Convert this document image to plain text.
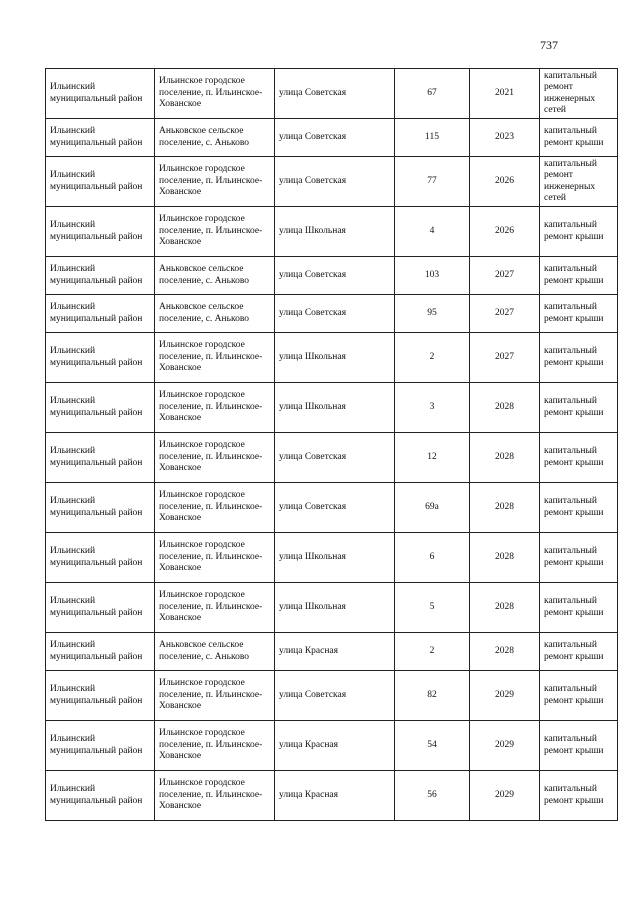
737
Ильинский муниципальный район	Ильинское городское поселение, п. Ильинское-Хованское	улица Советская	67	2021	капитальный ремонт инженерных сетей
Ильинский муниципальный район	Аньковское сельское поселение, с. Аньково	улица Советская	115	2023	капитальный ремонт крыши
Ильинский муниципальный район	Ильинское городское поселение, п. Ильинское-Хованское	улица Советская	77	2026	капитальный ремонт инженерных сетей
Ильинский муниципальный район	Ильинское городское поселение, п. Ильинское-Хованское	улица Школьная	4	2026	капитальный ремонт крыши
Ильинский муниципальный район	Аньковское сельское поселение, с. Аньково	улица Советская	103	2027	капитальный ремонт крыши
Ильинский муниципальный район	Аньковское сельское поселение, с. Аньково	улица Советская	95	2027	капитальный ремонт крыши
Ильинский муниципальный район	Ильинское городское поселение, п. Ильинское-Хованское	улица Школьная	2	2027	капитальный ремонт крыши
Ильинский муниципальный район	Ильинское городское поселение, п. Ильинское-Хованское	улица Школьная	3	2028	капитальный ремонт крыши
Ильинский муниципальный район	Ильинское городское поселение, п. Ильинское-Хованское	улица Советская	12	2028	капитальный ремонт крыши
Ильинский муниципальный район	Ильинское городское поселение, п. Ильинское-Хованское	улица Советская	69а	2028	капитальный ремонт крыши
Ильинский муниципальный район	Ильинское городское поселение, п. Ильинское-Хованское	улица Школьная	6	2028	капитальный ремонт крыши
Ильинский муниципальный район	Ильинское городское поселение, п. Ильинское-Хованское	улица Школьная	5	2028	капитальный ремонт крыши
Ильинский муниципальный район	Аньковское сельское поселение, с. Аньково	улица Красная	2	2028	капитальный ремонт крыши
Ильинский муниципальный район	Ильинское городское поселение, п. Ильинское-Хованское	улица Советская	82	2029	капитальный ремонт крыши
Ильинский муниципальный район	Ильинское городское поселение, п. Ильинское-Хованское	улица Красная	54	2029	капитальный ремонт крыши
Ильинский муниципальный район	Ильинское городское поселение, п. Ильинское-Хованское	улица Красная	56	2029	капитальный ремонт крыши
